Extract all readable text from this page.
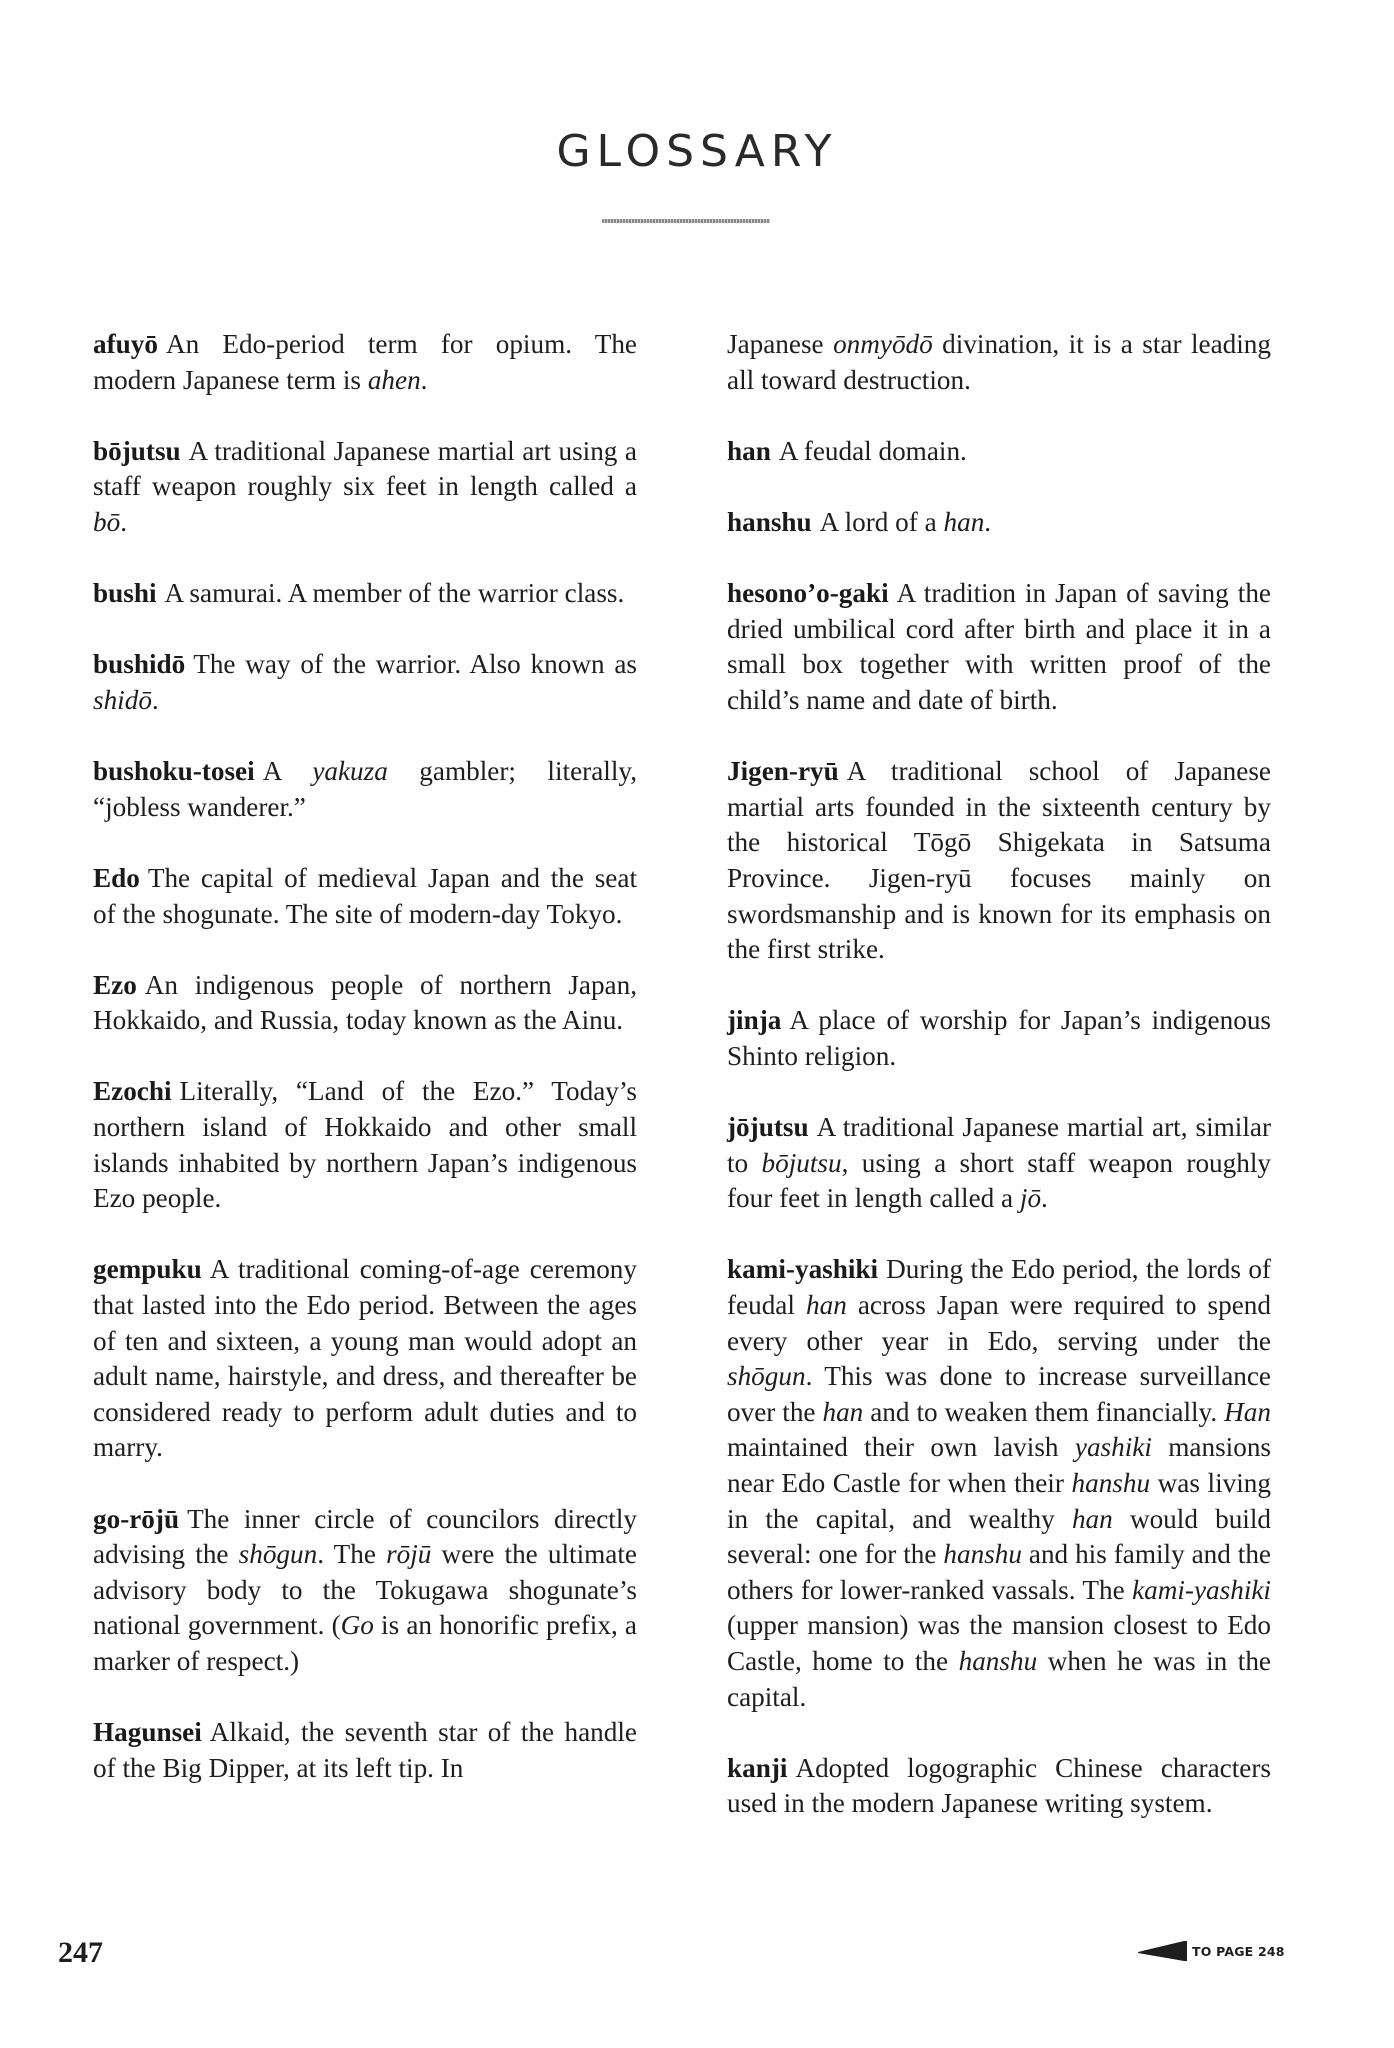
GLOSSARY

afuyō An Edo-period term for opium. The modern Japanese term is ahen.

bōjutsu A traditional Japanese martial art using a staff weapon roughly six feet in length called a bō.

bushi A samurai. A member of the warrior class.

bushidō The way of the warrior. Also known as shidō.

bushoku-tosei A yakuza gambler; literally, “jobless wanderer.”

Edo The capital of medieval Japan and the seat of the shogunate. The site of modern-day Tokyo.

Ezo An indigenous people of northern Japan, Hokkaido, and Russia, today known as the Ainu.

Ezochi Literally, “Land of the Ezo.” Today’s northern island of Hokkaido and other small islands inhabited by northern Japan’s indigenous Ezo people.

gempuku A traditional coming-of-age ceremony that lasted into the Edo period. Between the ages of ten and sixteen, a young man would adopt an adult name, hairstyle, and dress, and thereafter be considered ready to perform adult duties and to marry.

go-rōjū The inner circle of councilors directly advising the shōgun. The rōjū were the ultimate advisory body to the Tokugawa shogunate’s national government. (Go is an honorific prefix, a marker of respect.)

Hagunsei Alkaid, the seventh star of the handle of the Big Dipper, at its left tip. In

Japanese onmyōdō divination, it is a star leading all toward destruction.

han A feudal domain.

hanshu A lord of a han.

hesono’o-gaki A tradition in Japan of saving the dried umbilical cord after birth and place it in a small box together with written proof of the child’s name and date of birth.

Jigen-ryū A traditional school of Japanese martial arts founded in the sixteenth century by the historical Tōgō Shigekata in Satsuma Province. Jigen-ryū focuses mainly on swordsmanship and is known for its emphasis on the first strike.

jinja A place of worship for Japan’s indigenous Shinto religion.

jōjutsu A traditional Japanese martial art, similar to bōjutsu, using a short staff weapon roughly four feet in length called a jō.

kami-yashiki During the Edo period, the lords of feudal han across Japan were required to spend every other year in Edo, serving under the shōgun. This was done to increase surveillance over the han and to weaken them financially. Han maintained their own lavish yashiki mansions near Edo Castle for when their hanshu was living in the capital, and wealthy han would build several: one for the hanshu and his family and the others for lower-ranked vassals. The kami-yashiki (upper mansion) was the mansion closest to Edo Castle, home to the hanshu when he was in the capital.

kanji Adopted logographic Chinese characters used in the modern Japanese writing system.

247	TO PAGE 248
